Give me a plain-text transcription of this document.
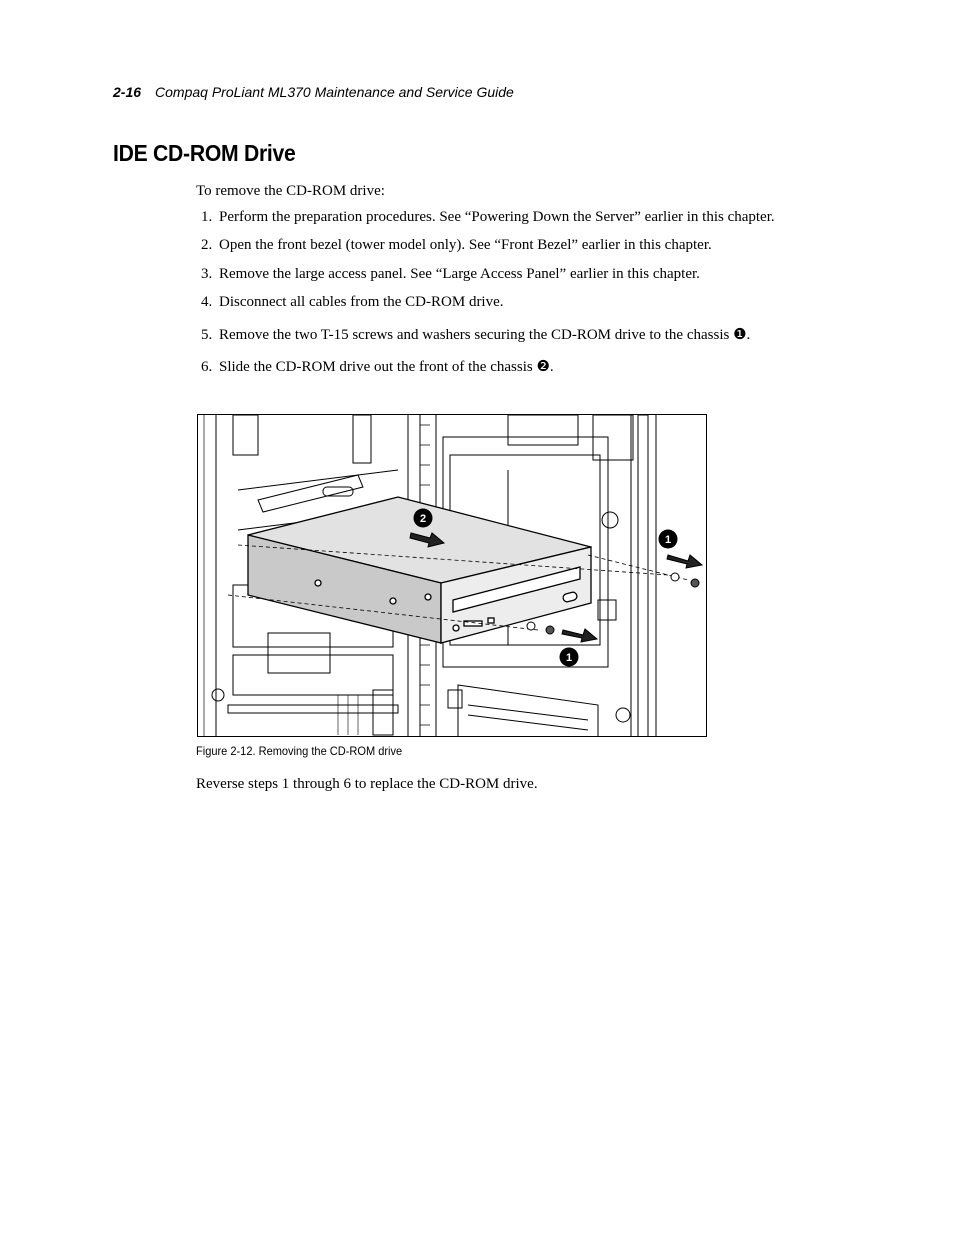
2-16 Compaq ProLiant ML370 Maintenance and Service Guide
IDE CD-ROM Drive
To remove the CD-ROM drive:
1. Perform the preparation procedures. See “Powering Down the Server” earlier in this chapter.
2. Open the front bezel (tower model only). See “Front Bezel” earlier in this chapter.
3. Remove the large access panel. See “Large Access Panel” earlier in this chapter.
4. Disconnect all cables from the CD-ROM drive.
5. Remove the two T-15 screws and washers securing the CD-ROM drive to the chassis ❶.
6. Slide the CD-ROM drive out the front of the chassis ❷.
2
1
1
Figure 2-12. Removing the CD-ROM drive
Reverse steps 1 through 6 to replace the CD-ROM drive.
